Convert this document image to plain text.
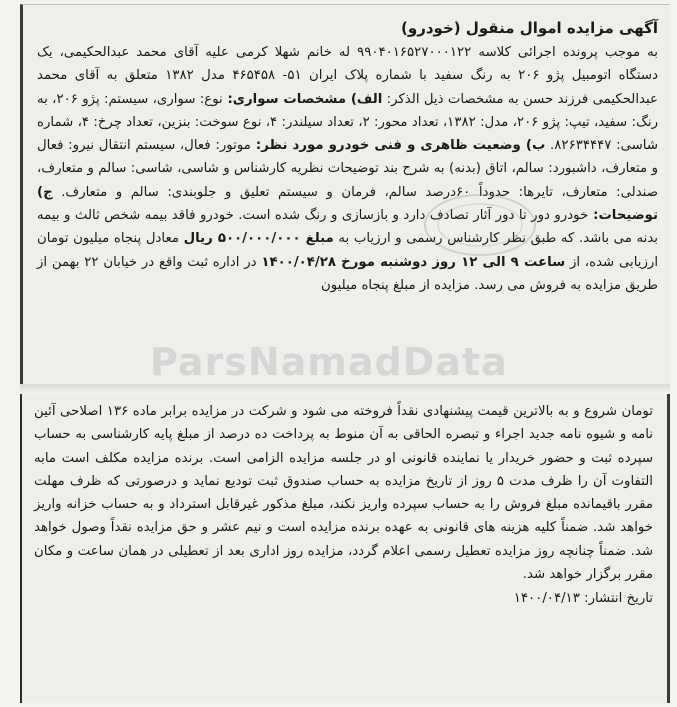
آگهی مزایده اموال منقول (خودرو)

به موجب پرونده اجرائی کلاسه ۹۹۰۴۰۱۶۵۲۷۰۰۰۱۲۲ له خانم شهلا کرمی علیه آقای محمد عبدالحکیمی، یک دستگاه اتومبیل پژو ۲۰۶ به رنگ سفید با شماره پلاک ایران ۵۱- ۴۶۵۴۵۸ مدل ۱۳۸۲ متعلق به آقای محمد عبدالحکیمی فرزند حسن به مشخصات ذیل الذکر: الف) مشخصات سواری: نوع: سواری، سیستم: پژو ۲۰۶، به رنگ: سفید، تیپ: پژو ۲۰۶، مدل: ۱۳۸۲، تعداد محور: ۲، تعداد سیلندر: ۴، نوع سوخت: بنزین، تعداد چرخ: ۴، شماره شاسی: ۸۲۶۳۴۴۴۷. ب) وضعیت ظاهری و فنی خودرو مورد نظر: موتور: فعال، سیستم انتقال نیرو: فعال و متعارف، داشبورد: سالم، اتاق (بدنه) به شرح بند توضیحات نظریه کارشناس و شاسی، شاسی: سالم و متعارف، صندلی: متعارف، تایرها: حدوداً ۶۰درصد سالم، فرمان و سیستم تعلیق و جلوبندی: سالم و متعارف. ج) توضیحات: خودرو دور تا دور آثار تصادف دارد و بازسازی و رنگ شده است. خودرو فاقد بیمه شخص ثالث و بیمه بدنه می باشد. که طبق نظر کارشناس رسمی و ارزیاب به مبلغ ۵۰۰/۰۰۰/۰۰۰ ریال معادل پنجاه میلیون تومان ارزیابی شده، از ساعت ۹ الی ۱۲ روز دوشنبه مورخ ۱۴۰۰/۰۴/۲۸ در اداره ثبت واقع در خیابان ۲۲ بهمن از طریق مزایده به فروش می رسد. مزایده از مبلغ پنجاه میلیون

تومان شروع و به بالاترین قیمت پیشنهادی نقداً فروخته می شود و شرکت در مزایده برابر ماده ۱۳۶ اصلاحی آئین نامه و شیوه نامه جدید اجراء و تبصره الحاقی به آن منوط به پرداخت ده درصد از مبلغ پایه کارشناسی به حساب سپرده ثبت و حضور خریدار یا نماینده قانونی او در جلسه مزایده الزامی است. برنده مزایده مکلف است مابه التفاوت آن را ظرف مدت ۵ روز از تاریخ مزایده به حساب صندوق ثبت تودیع نماید و درصورتی که ظرف مهلت مقرر باقیمانده مبلغ فروش را به حساب سپرده واریز نکند، مبلغ مذکور غیرقابل استرداد و به حساب خزانه واریز خواهد شد. ضمناً کلیه هزینه های قانونی به عهده برنده مزایده است و نیم عشر و حق مزایده نقداً وصول خواهد شد. ضمناً چنانچه روز مزایده تعطیل رسمی اعلام گردد، مزایده روز اداری بعد از تعطیلی در همان ساعت و مکان مقرر برگزار خواهد شد.

تاریخ انتشار: ۱۴۰۰/۰۴/۱۳
ParsNamadData
